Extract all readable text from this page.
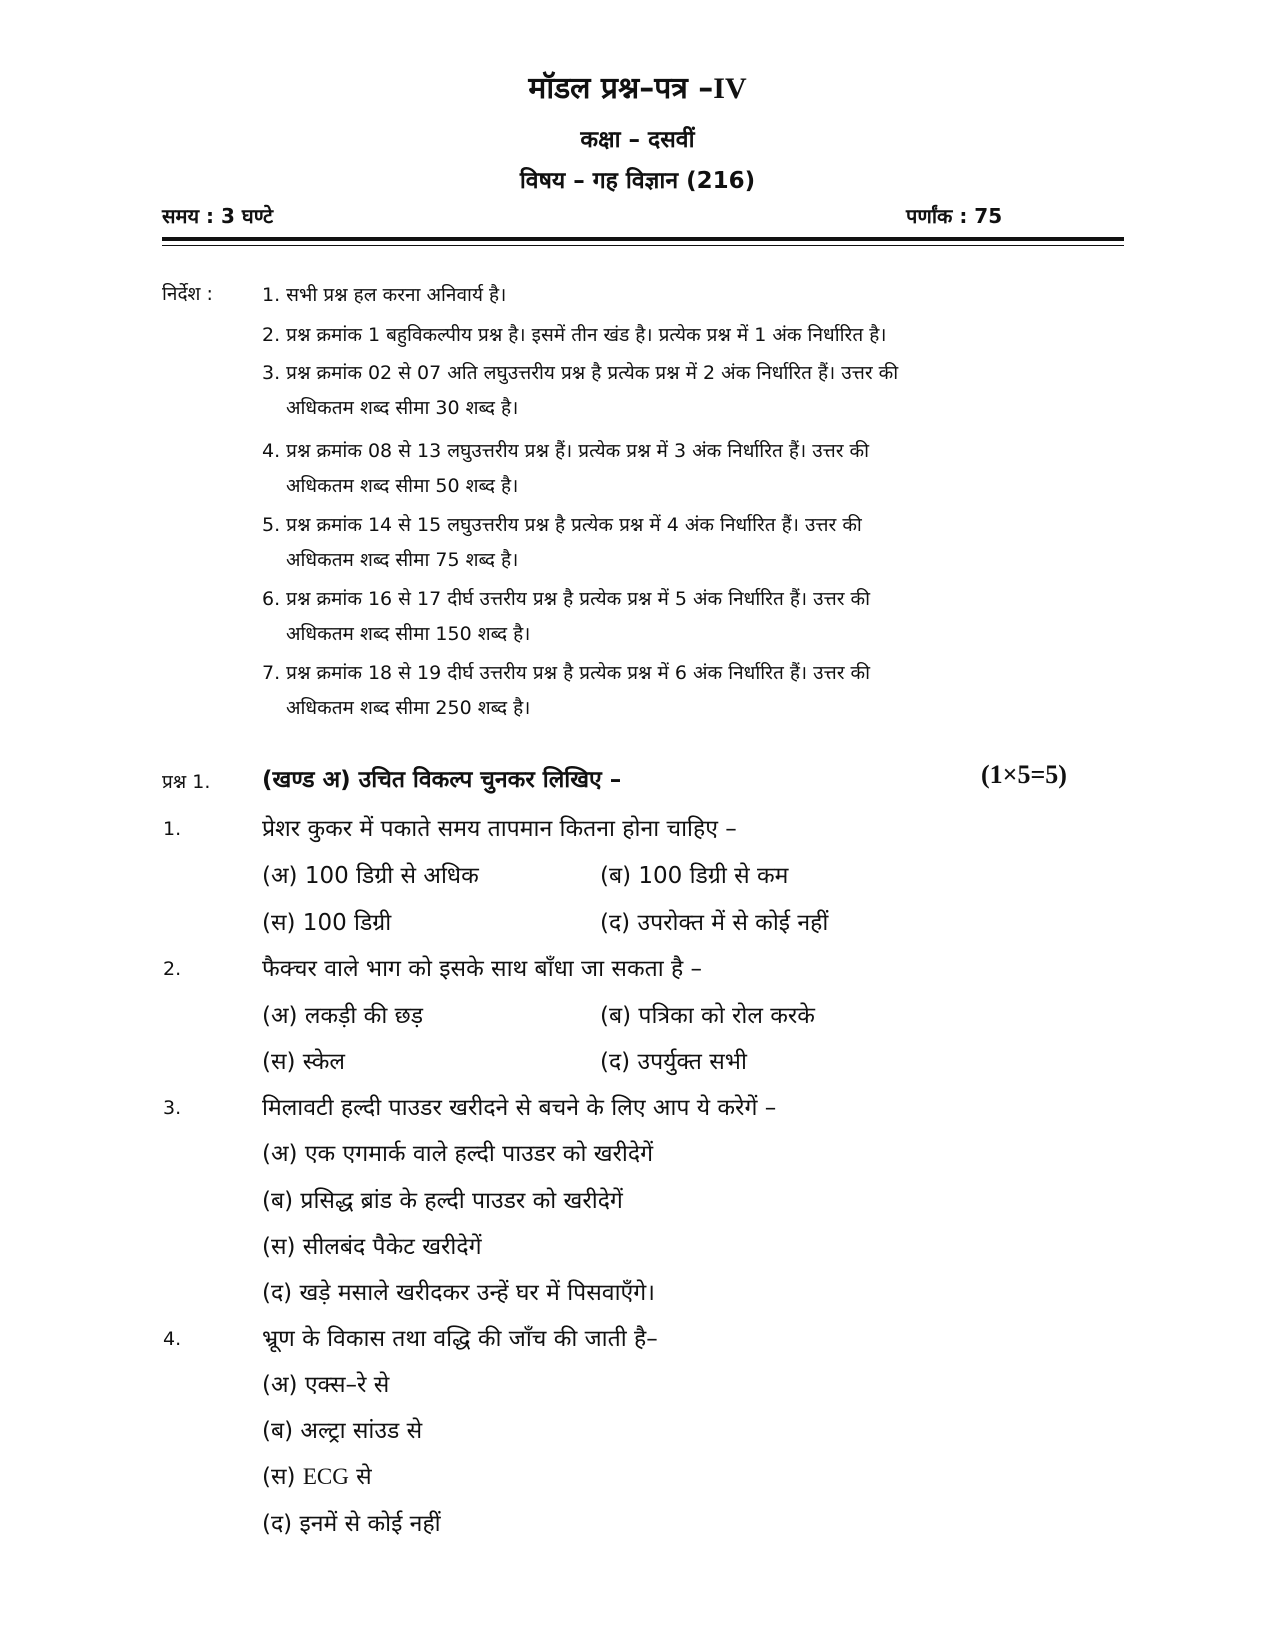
मॉडल प्रश्न–पत्र –IV
कक्षा – दसवीं
विषय – गह विज्ञान (216)
समय : 3 घण्टे	पर्णांक : 75
निर्देश :	1. सभी प्रश्न हल करना अनिवार्य है।
2. प्रश्न क्रमांक 1 बहुविकल्पीय प्रश्न है। इसमें तीन खंड है। प्रत्येक प्रश्न में 1 अंक निर्धारित है।
3. प्रश्न क्रमांक 02 से 07 अति लघुउत्तरीय प्रश्न है प्रत्येक प्रश्न में 2 अंक निर्धारित हैं। उत्तर की
अधिकतम शब्द सीमा 30 शब्द है।
4. प्रश्न क्रमांक 08 से 13 लघुउत्तरीय प्रश्न हैं। प्रत्येक प्रश्न में 3 अंक निर्धारित हैं। उत्तर की
अधिकतम शब्द सीमा 50 शब्द है।
5. प्रश्न क्रमांक 14 से 15 लघुउत्तरीय प्रश्न है प्रत्येक प्रश्न में 4 अंक निर्धारित हैं। उत्तर की
अधिकतम शब्द सीमा 75 शब्द है।
6. प्रश्न क्रमांक 16 से 17 दीर्घ उत्तरीय प्रश्न है प्रत्येक प्रश्न में 5 अंक निर्धारित हैं। उत्तर की
अधिकतम शब्द सीमा 150 शब्द है।
7. प्रश्न क्रमांक 18 से 19 दीर्घ उत्तरीय प्रश्न है प्रत्येक प्रश्न में 6 अंक निर्धारित हैं। उत्तर की
अधिकतम शब्द सीमा 250 शब्द है।
प्रश्न 1. (खण्ड अ) उचित विकल्प चुनकर लिखिए –	(1×5=5)
1.	प्रेशर कुकर में पकाते समय तापमान कितना होना चाहिए –
(अ) 100 डिग्री से अधिक	(ब) 100 डिग्री से कम
(स) 100 डिग्री	(द) उपरोक्त में से कोई नहीं
2.	फैक्चर वाले भाग को इसके साथ बाँधा जा सकता है –
(अ) लकड़ी की छड़	(ब) पत्रिका को रोल करके
(स) स्केल	(द) उपर्युक्त सभी
3.	मिलावटी हल्दी पाउडर खरीदने से बचने के लिए आप ये करेगें –
(अ) एक एगमार्क वाले हल्दी पाउडर को खरीदेगें
(ब) प्रसिद्ध ब्रांड के हल्दी पाउडर को खरीदेगें
(स) सीलबंद पैकेट खरीदेगें
(द) खड़े मसाले खरीदकर उन्हें घर में पिसवाएँगे।
4.	भ्रूण के विकास तथा वद्धि की जाँच की जाती है–
(अ) एक्स–रे से
(ब) अल्ट्रा सांउड से
(स) ECG से
(द) इनमें से कोई नहीं
